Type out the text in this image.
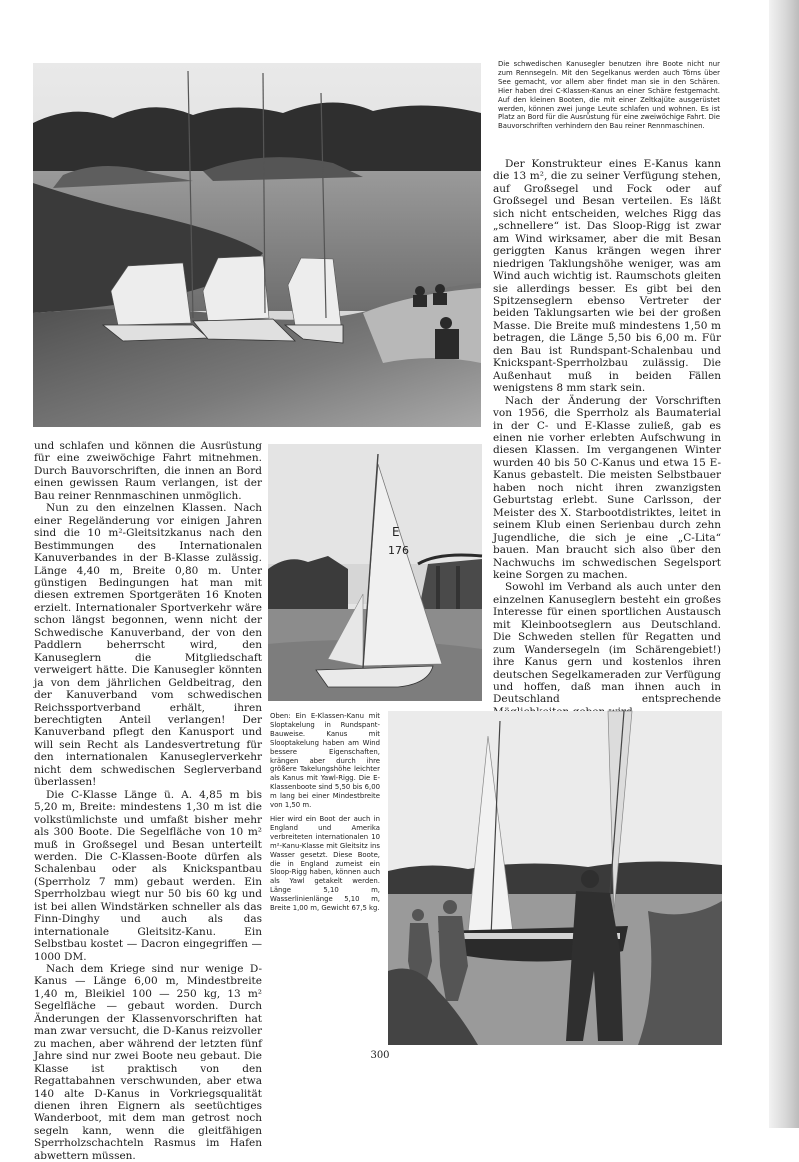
Die schwedischen Kanusegler benutzen ihre Boote nicht nur zum Rennsegeln. Mit den Segelkanus werden auch Törns über See gemacht, vor allem aber findet man sie in den Schären. Hier haben drei C-Klassen-Kanus an einer Schäre festgemacht. Auf den kleinen Booten, die mit einer Zeltkajüte ausgerüstet werden, können zwei junge Leute schlafen und wohnen. Es ist Platz an Bord für die Ausrüstung für eine zweiwöchige Fahrt. Die Bauvorschriften verhindern den Bau reiner Rennmaschinen.

Der Konstrukteur eines E-Kanus kann die 13 m², die zu seiner Verfügung stehen, auf Großsegel und Fock oder auf Großsegel und Besan verteilen. Es läßt sich nicht entscheiden, welches Rigg das „schnellere“ ist. Das Sloop-Rigg ist zwar am Wind wirksamer, aber die mit Besan geriggten Kanus krängen wegen ihrer niedrigen Taklungshöhe weniger, was am Wind auch wichtig ist. Raumschots gleiten sie allerdings besser. Es gibt bei den Spitzenseglern ebenso Vertreter der beiden Taklungsarten wie bei der großen Masse. Die Breite muß mindestens 1,50 m betragen, die Länge 5,50 bis 6,00 m. Für den Bau ist Rundspant-Schalenbau und Knickspant-Sperrholzbau zulässig. Die Außenhaut muß in beiden Fällen wenigstens 8 mm stark sein.

Nach der Änderung der Vorschriften von 1956, die Sperrholz als Baumaterial in der C- und E-Klasse zuließ, gab es einen nie vorher erlebten Aufschwung in diesen Klassen. Im vergangenen Winter wurden 40 bis 50 C-Kanus und etwa 15 E-Kanus gebastelt. Die meisten Selbstbauer haben noch nicht ihren zwanzigsten Geburtstag erlebt. Sune Carlsson, der Meister des X. Starbootdistriktes, leitet in seinem Klub einen Serienbau durch zehn Jugendliche, die sich je eine „C-Lita“ bauen. Man braucht sich also über den Nachwuchs im schwedischen Segelsport keine Sorgen zu machen.

Sowohl im Verband als auch unter den einzelnen Kanuseglern besteht ein großes Interesse für einen sportlichen Austausch mit Kleinbootseglern aus Deutschland. Die Schweden stellen für Regatten und zum Wandersegeln (im Schärengebiet!) ihre Kanus gern und kostenlos ihren deutschen Segelkameraden zur Verfügung und hoffen, daß man ihnen auch in Deutschland entsprechende

E
176

und schlafen und können die Ausrüstung für eine zweiwöchige Fahrt mitnehmen. Durch Bauvorschriften, die innen an Bord einen gewissen Raum verlangen, ist der Bau reiner Rennmaschinen unmöglich.

Nun zu den einzelnen Klassen. Nach einer Regeländerung vor einigen Jahren sind die 10 m²-Gleitsitzkanus nach den Bestimmungen des Internationalen Kanuverbandes in der B-Klasse zulässig. Länge 4,40 m, Breite 0,80 m. Unter günstigen Bedingungen hat man mit diesen extremen Sportgeräten 16 Knoten erzielt. Internationaler Sportverkehr wäre schon längst begonnen, wenn nicht der Schwedische Kanuverband, der von den Paddlern beherrscht wird, den Kanuseglern die Mitgliedschaft verweigert hätte. Die Kanusegler könnten ja von dem jährlichen Geldbeitrag, den der Kanuverband vom schwedischen Reichssportverband erhält, ihren berechtigten Anteil verlangen! Der Kanuverband pflegt den Kanusport und will sein Recht als Landesvertretung für den internationalen Kanuseglerverkehr nicht dem schwedischen Seglerverband überlassen!

Die C-Klasse Länge ü. A. 4,85 m bis 5,20 m, Breite: mindestens 1,30 m ist die volkstümlichste und umfaßt bisher mehr als 300 Boote. Die Segelfläche von 10 m² muß in Großsegel und Besan unterteilt werden. Die C-Klassen-Boote dürfen als Schalenbau oder als Knickspantbau (Sperrholz 7 mm) gebaut werden. Ein Sperrholzbau wiegt nur 50 bis 60 kg und ist bei allen Windstärken schneller als das Finn-Dinghy und auch als das internationale Gleitsitz-Kanu. Ein Selbstbau kostet — Dacron eingegriffen — 1000 DM.

Nach dem Kriege sind nur wenige D-Kanus — Länge 6,00 m, Mindestbreite 1,40 m, Bleikiel 100 — 250 kg, 13 m² Segelfläche — gebaut worden. Durch Änderungen der Klassenvorschriften hat man zwar versucht, die D-Kanus reizvoller zu machen, aber während der letzten fünf Jahre sind nur zwei Boote neu gebaut. Die Klasse ist praktisch von den Regattabahnen verschwunden, aber etwa 140 alte D-Kanus in Vorkriegsqualität dienen ihren Eignern als seetüchtiges Wanderboot, mit dem man getrost noch segeln kann, wenn die gleitfähigen Sperrholzschachteln Rasmus im Hafen abwettern müssen.

Oben: Ein E-Klassen-Kanu mit Sloptakelung in Rundspant-Bauweise. Kanus mit Slooptakelung haben am Wind bessere Eigenschaften, krängen aber durch ihre größere Takelungshöhe leichter als Kanus mit Yawl-Rigg. Die E-Klassenboote sind 5,50 bis 6,00 m lang bei einer Mindestbreite von 1,50 m.

Hier wird ein Boot der auch in England und Amerika verbreiteten internationalen 10 m²-Kanu-Klasse mit Gleitsitz ins Wasser gesetzt. Diese Boote, die in England zumeist ein Sloop-Rigg haben, können auch als Yawl getakelt werden. Länge 5,10 m, Wasserlinienlänge 5,10 m, Breite 1,00 m, Gewicht 67,5 kg.

300
